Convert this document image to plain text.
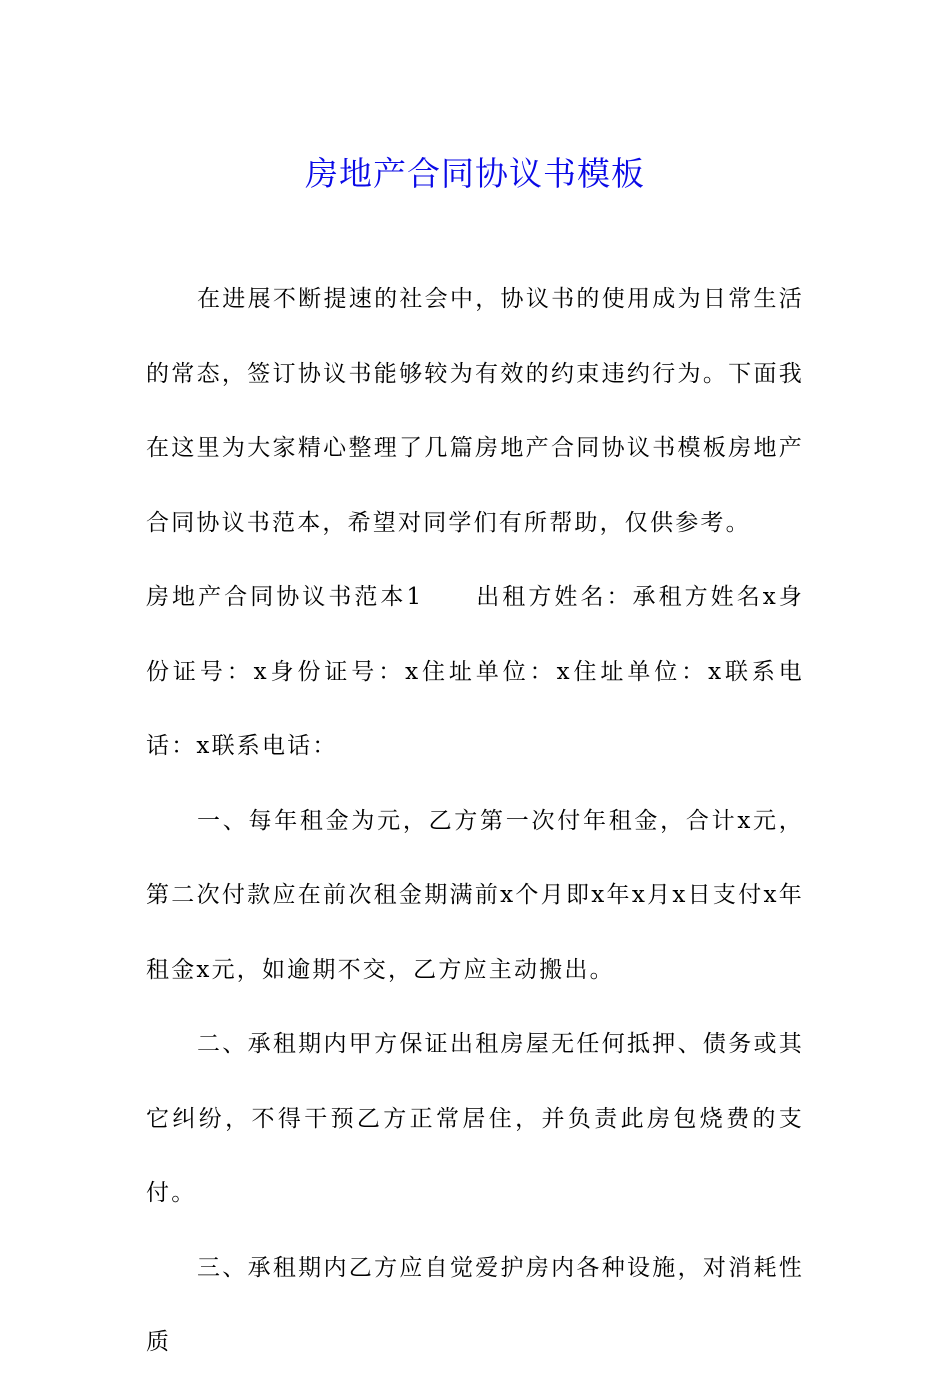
房地产合同协议书模板

在进展不断提速的社会中，协议书的使用成为日常生活的常态，签订协议书能够较为有效的约束违约行为。下面我在这里为大家精心整理了几篇房地产合同协议书模板房地产合同协议书范本，希望对同学们有所帮助，仅供参考。

房地产合同协议书范本1　　出租方姓名：承租方姓名x身份证号：x身份证号：x住址单位：x住址单位：x联系电话：x联系电话：

一、每年租金为元，乙方第一次付年租金，合计x元，第二次付款应在前次租金期满前x个月即x年x月x日支付x年租金x元，如逾期不交，乙方应主动搬出。

二、承租期内甲方保证出租房屋无任何抵押、债务或其它纠纷，不得干预乙方正常居住，并负责此房包烧费的支付。

三、承租期内乙方应自觉爱护房内各种设施，对消耗性质
